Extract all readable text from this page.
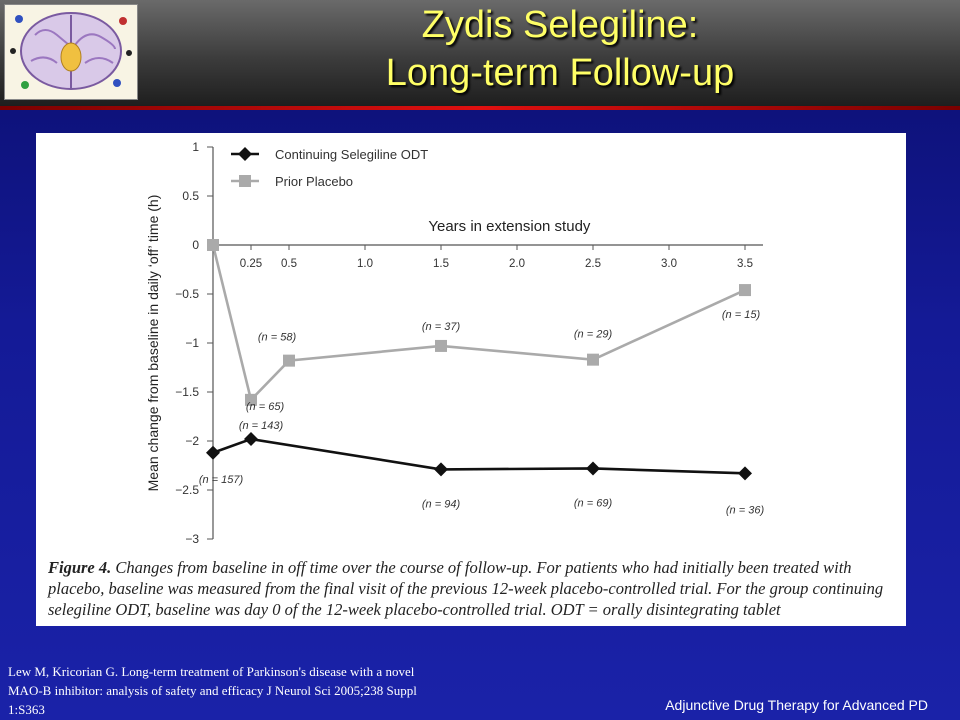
Zydis Selegiline:
Long-term Follow-up
1
0.5
0
−0.5
−1
−1.5
−2
−2.5
−3
0.25 0.5	1.0	1.5	2.0	2.5	3.0	3.5
Years in extension study
Mean change from baseline in daily ‘off’ time (h)	(n = 157)
(n = 143)
(n = 94)	(n = 69)
(n = 36)
(n = 65)
(n = 58)
(n = 37)
(n = 29)
(n = 15)
Continuing Selegiline ODT
Prior Placebo
Figure 4. Changes from baseline in off time over the course of follow-up. For patients who had initially been treated with placebo, baseline was measured from the final visit of the previous 12-week placebo-controlled trial. For the group continuing selegiline ODT, baseline was day 0 of the 12-week placebo-controlled trial. ODT = orally disintegrating tablet
Lew M, Kricorian G. Long-term treatment of Parkinson's disease with a novel
MAO-B inhibitor: analysis of safety and efficacy J Neurol Sci 2005;238 Suppl
1:S363	Adjunctive Drug Therapy for Advanced PD
